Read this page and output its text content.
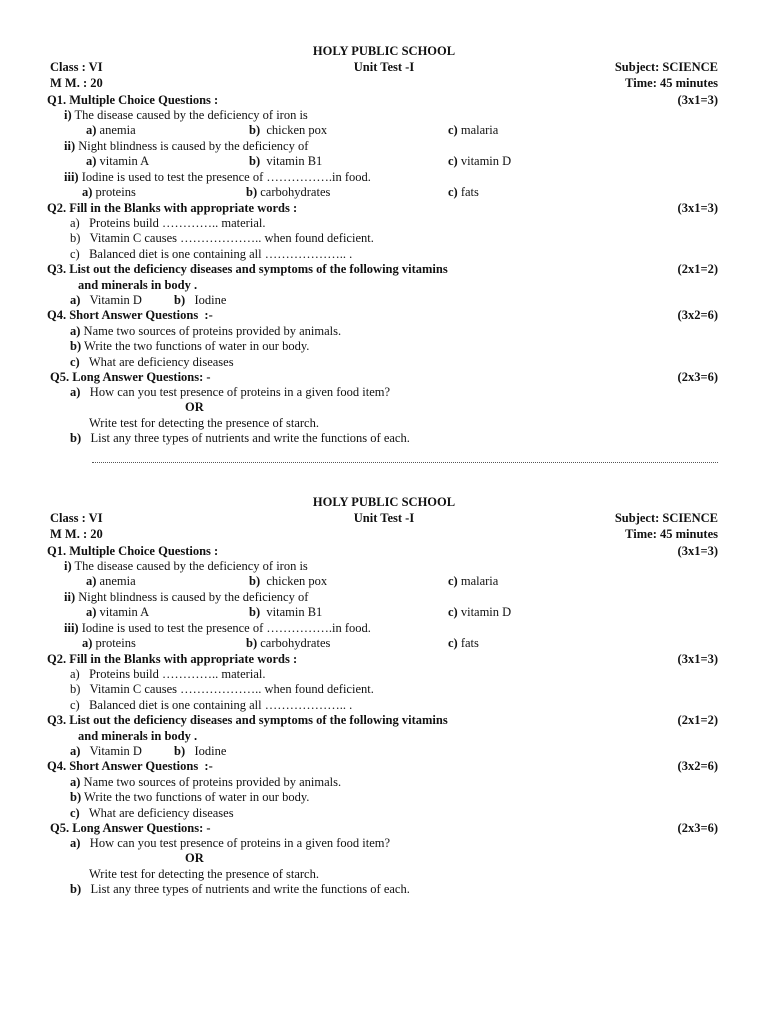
HOLY PUBLIC SCHOOL
Class : VI	Unit Test -I	Subject: SCIENCE
M M. : 20	Time: 45 minutes
Q1. Multiple Choice Questions :	(3x1=3)
i) The disease caused by the deficiency of iron is
a) anemia	b) chicken pox	c) malaria
ii) Night blindness is caused by the deficiency of
a) vitamin A	b) vitamin B1	c) vitamin D
iii) Iodine is used to test the presence of …………….in food.
a) proteins	b) carbohydrates	c) fats
Q2. Fill in the Blanks with appropriate words :	(3x1=3)
a) Proteins build ………….. material.
b) Vitamin C causes ……………….. when found deficient.
c) Balanced diet is one containing all ……………….. .
Q3. List out the deficiency diseases and symptoms of the following vitamins	(2x1=2)
and minerals in body .
a) Vitamin D	b) Iodine
Q4. Short Answer Questions  :-	(3x2=6)
a) Name two sources of proteins provided by animals.
b) Write the two functions of water in our body.
c) What are deficiency diseases
Q5. Long Answer Questions: -	(2x3=6)
a) How can you test presence of proteins in a given food item?
OR
Write test for detecting the presence of starch.
b) List any three types of nutrients and write the functions of each.
HOLY PUBLIC SCHOOL
Class : VI	Unit Test -I	Subject: SCIENCE
M M. : 20	Time: 45 minutes
Q1. Multiple Choice Questions :	(3x1=3)
i) The disease caused by the deficiency of iron is
a) anemia	b) chicken pox	c) malaria
ii) Night blindness is caused by the deficiency of
a) vitamin A	b) vitamin B1	c) vitamin D
iii) Iodine is used to test the presence of …………….in food.
a) proteins	b) carbohydrates	c) fats
Q2. Fill in the Blanks with appropriate words :	(3x1=3)
a) Proteins build ………….. material.
b) Vitamin C causes ……………….. when found deficient.
c) Balanced diet is one containing all ……………….. .
Q3. List out the deficiency diseases and symptoms of the following vitamins	(2x1=2)
and minerals in body .
a) Vitamin D	b) Iodine
Q4. Short Answer Questions  :-	(3x2=6)
a) Name two sources of proteins provided by animals.
b) Write the two functions of water in our body.
c) What are deficiency diseases
Q5. Long Answer Questions: -	(2x3=6)
a) How can you test presence of proteins in a given food item?
OR
Write test for detecting the presence of starch.
b) List any three types of nutrients and write the functions of each.
